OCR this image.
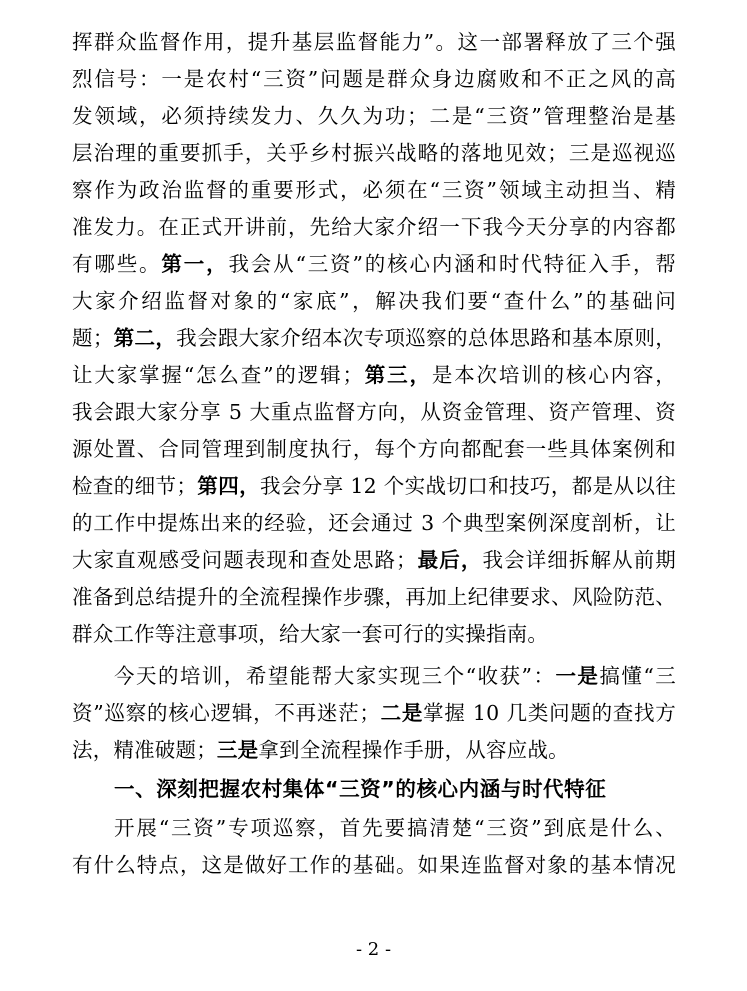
挥群众监督作用，提升基层监督能力”。这一部署释放了三个强
烈信号：一是农村“三资”问题是群众身边腐败和不正之风的高
发领域，必须持续发力、久久为功；二是“三资”管理整治是基
层治理的重要抓手，关乎乡村振兴战略的落地见效；三是巡视巡
察作为政治监督的重要形式，必须在“三资”领域主动担当、精
准发力。在正式开讲前，先给大家介绍一下我今天分享的内容都
有哪些。第一，我会从“三资”的核心内涵和时代特征入手，帮
大家介绍监督对象的“家底”，解决我们要“查什么”的基础问
题；第二，我会跟大家介绍本次专项巡察的总体思路和基本原则，
让大家掌握“怎么查”的逻辑；第三，是本次培训的核心内容，
我会跟大家分享 5 大重点监督方向，从资金管理、资产管理、资
源处置、合同管理到制度执行，每个方向都配套一些具体案例和
检查的细节；第四，我会分享 12 个实战切口和技巧，都是从以往
的工作中提炼出来的经验，还会通过 3 个典型案例深度剖析，让
大家直观感受问题表现和查处思路；最后，我会详细拆解从前期
准备到总结提升的全流程操作步骤，再加上纪律要求、风险防范、
群众工作等注意事项，给大家一套可行的实操指南。
今天的培训，希望能帮大家实现三个“收获”：一是搞懂“三
资”巡察的核心逻辑，不再迷茫；二是掌握 10 几类问题的查找方
法，精准破题；三是拿到全流程操作手册，从容应战。
一、深刻把握农村集体“三资”的核心内涵与时代特征
开展“三资”专项巡察，首先要搞清楚“三资”到底是什么、
有什么特点，这是做好工作的基础。如果连监督对象的基本情况
- 2 -
